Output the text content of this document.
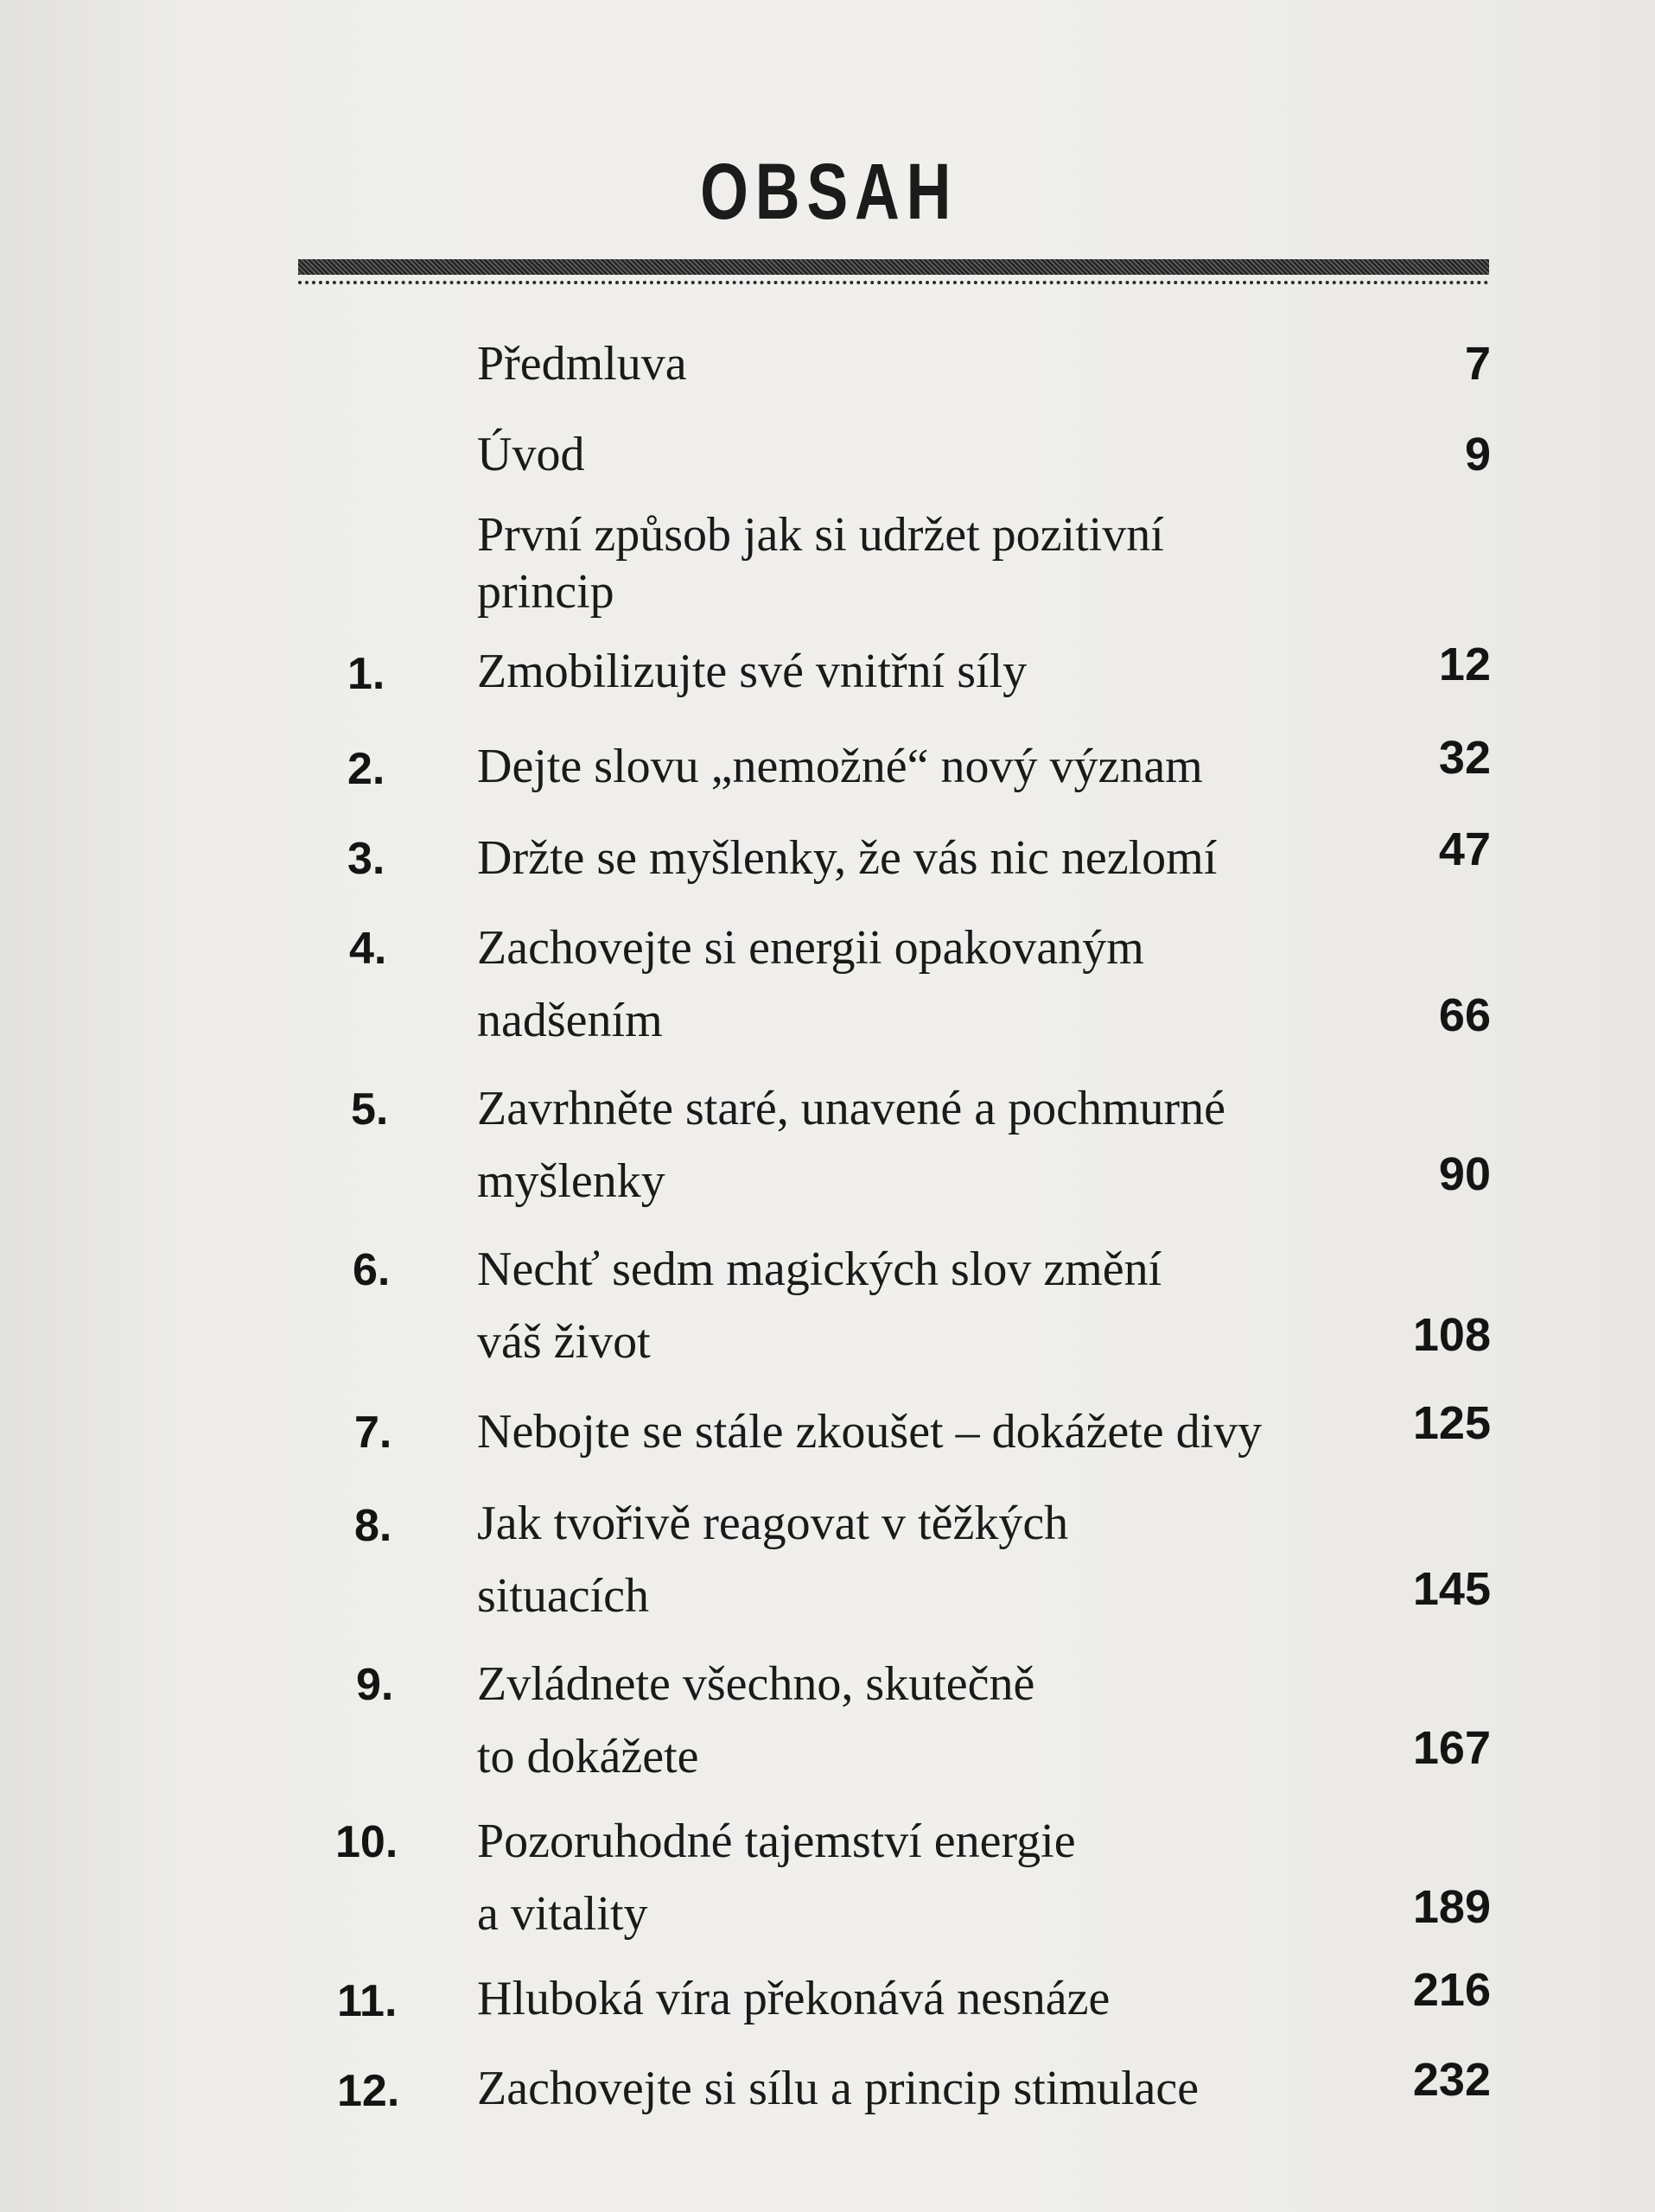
OBSAH
Předmluva	7
Úvod	9
První způsob jak si udržet pozitivní
princip
1. Zmobilizujte své vnitřní síly	12
2. Dejte slovu „nemožné“ nový význam	32
3. Držte se myšlenky, že vás nic nezlomí	47
4. Zachovejte si energii opakovaným
nadšením	66
5. Zavrhněte staré, unavené a pochmurné
myšlenky	90
6. Nechť sedm magických slov změní
váš život	108
7. Nebojte se stále zkoušet – dokážete divy	125
8. Jak tvořivě reagovat v těžkých
situacích	145
9. Zvládnete všechno, skutečně
to dokážete	167
10. Pozoruhodné tajemství energie
a vitality	189
11. Hluboká víra překonává nesnáze	216
12. Zachovejte si sílu a princip stimulace	232
